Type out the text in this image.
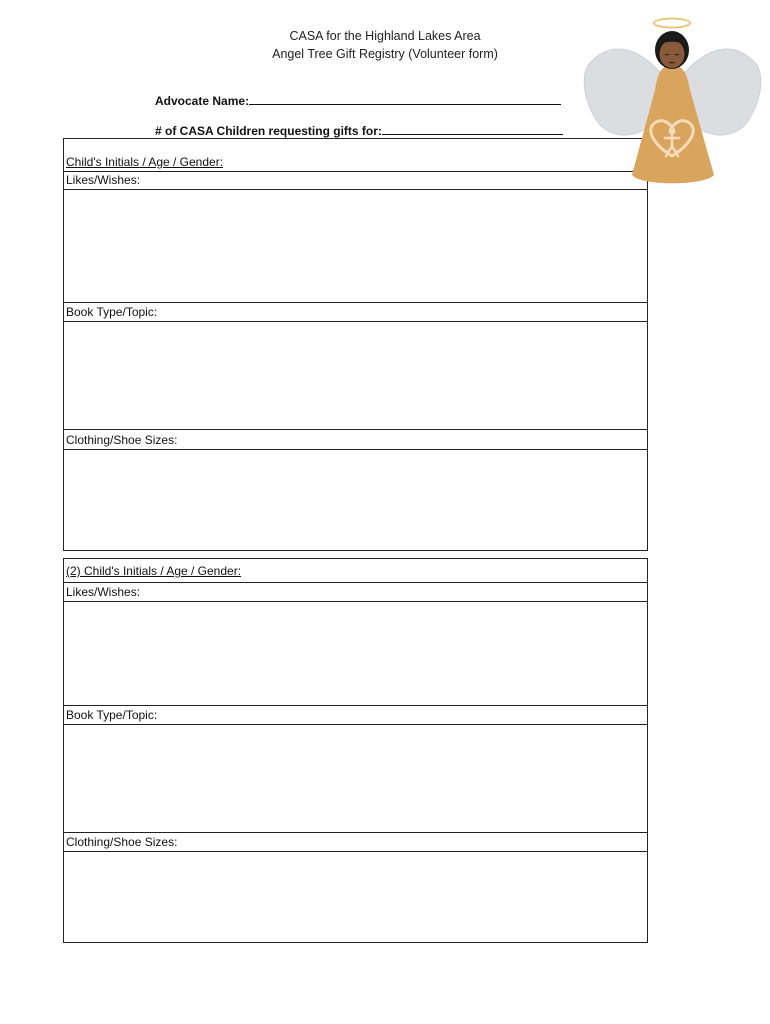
CASA for the Highland Lakes Area
Angel Tree Gift Registry (Volunteer form)
Advocate Name:
# of CASA Children requesting gifts for:
Child's Initials / Age / Gender:
Likes/Wishes:
Book Type/Topic:
Clothing/Shoe Sizes:
(2) Child's Initials / Age / Gender:
Likes/Wishes:
Book Type/Topic:
Clothing/Shoe Sizes:
